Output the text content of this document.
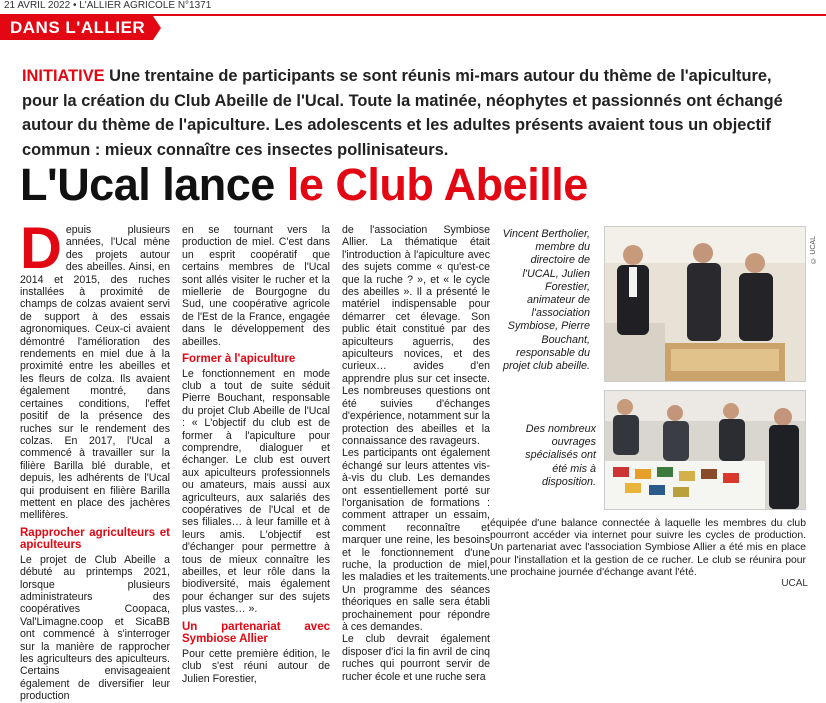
21 AVRIL 2022 • L'ALLIER AGRICOLE N°1371
DANS L'ALLIER

INITIATIVE Une trentaine de participants se sont réunis mi-mars autour du thème de l'apiculture, pour la création du Club Abeille de l'Ucal. Toute la matinée, néophytes et passionnés ont échangé autour du thème de l'apiculture. Les adolescents et les adultes présents avaient tous un objectif commun : mieux connaître ces insectes pollinisateurs.

L'Ucal lance le Club Abeille
D epuis plusieurs années, l'Ucal mène des projets autour des abeilles. Ainsi, en 2014 et 2015, des ruches installées à proximité de champs de colzas avaient servi de support à des essais agronomiques. Ceux-ci avaient démontré l'amélioration des rendements en miel due à la proximité entre les abeilles et les fleurs de colza. Ils avaient également montré, dans certaines conditions, l'effet positif de la présence des ruches sur le rendement des colzas. En 2017, l'Ucal a commencé à travailler sur la filière Barilla blé durable, et depuis, les adhérents de l'Ucal qui produisent en filière Barilla mettent en place des jachères mellifères.

Rapprocher agriculteurs et apiculteurs

Le projet de Club Abeille a débuté au printemps 2021, lorsque plusieurs administrateurs des coopératives Coopaca, Val'Limagne.coop et SicaBB ont commencé à s'interroger sur la manière de rapprocher les agriculteurs des apiculteurs. Certains envisageaient également de diversifier leur production

en se tournant vers la production de miel. C'est dans un esprit coopératif que certains membres de l'Ucal sont allés visiter le rucher et la miellerie de Bourgogne du Sud, une coopérative agricole de l'Est de la France, engagée dans le développement des abeilles.

Former à l'apiculture

Le fonctionnement en mode club a tout de suite séduit Pierre Bouchant, responsable du projet Club Abeille de l'Ucal : « L'objectif du club est de former à l'apiculture pour comprendre, dialoguer et échanger. Le club est ouvert aux apiculteurs professionnels ou amateurs, mais aussi aux agriculteurs, aux salariés des coopératives de l'Ucal et de ses filiales… à leur famille et à leurs amis. L'objectif est d'échanger pour permettre à tous de mieux connaître les abeilles, et leur rôle dans la biodiversité, mais également pour échanger sur des sujets plus vastes… ».

Un partenariat avec Symbiose Allier

Pour cette première édition, le club s'est réuni autour de Julien Forestier,

de l'association Symbiose Allier. La thématique était l'introduction à l'apiculture avec des sujets comme « qu'est-ce que la ruche ? », et « le cycle des abeilles ». Il a présenté le matériel indispensable pour démarrer cet élevage. Son public était constitué par des apiculteurs aguerris, des apiculteurs novices, et des curieux… avides d'en apprendre plus sur cet insecte. Les nombreuses questions ont été suivies d'échanges d'expérience, notamment sur la protection des abeilles et la connaissance des ravageurs.

Les participants ont également échangé sur leurs attentes vis-à-vis du club. Les demandes ont essentiellement porté sur l'organisation de formations : comment attraper un essaim, comment reconnaître et marquer une reine, les besoins et le fonctionnement d'une ruche, la production de miel, les maladies et les traitements. Un programme des séances théoriques en salle sera établi prochainement pour répondre à ces demandes.

Le club devrait également disposer d'ici la fin avril de cinq ruches qui pourront servir de rucher école et une ruche sera

Vincent Bertholier, membre du directoire de l'UCAL, Julien Forestier, animateur de l'association Symbiose, Pierre Bouchant, responsable du projet club abeille.
© UCAL
Des nombreux ouvrages spécialisés ont été mis à disposition.

équipée d'une balance connectée à laquelle les membres du club pourront accéder via internet pour suivre les cycles de production. Un partenariat avec l'association Symbiose Allier a été mis en place pour l'installation et la gestion de ce rucher. Le club se réunira pour une prochaine journée d'échange avant l'été.

UCAL
